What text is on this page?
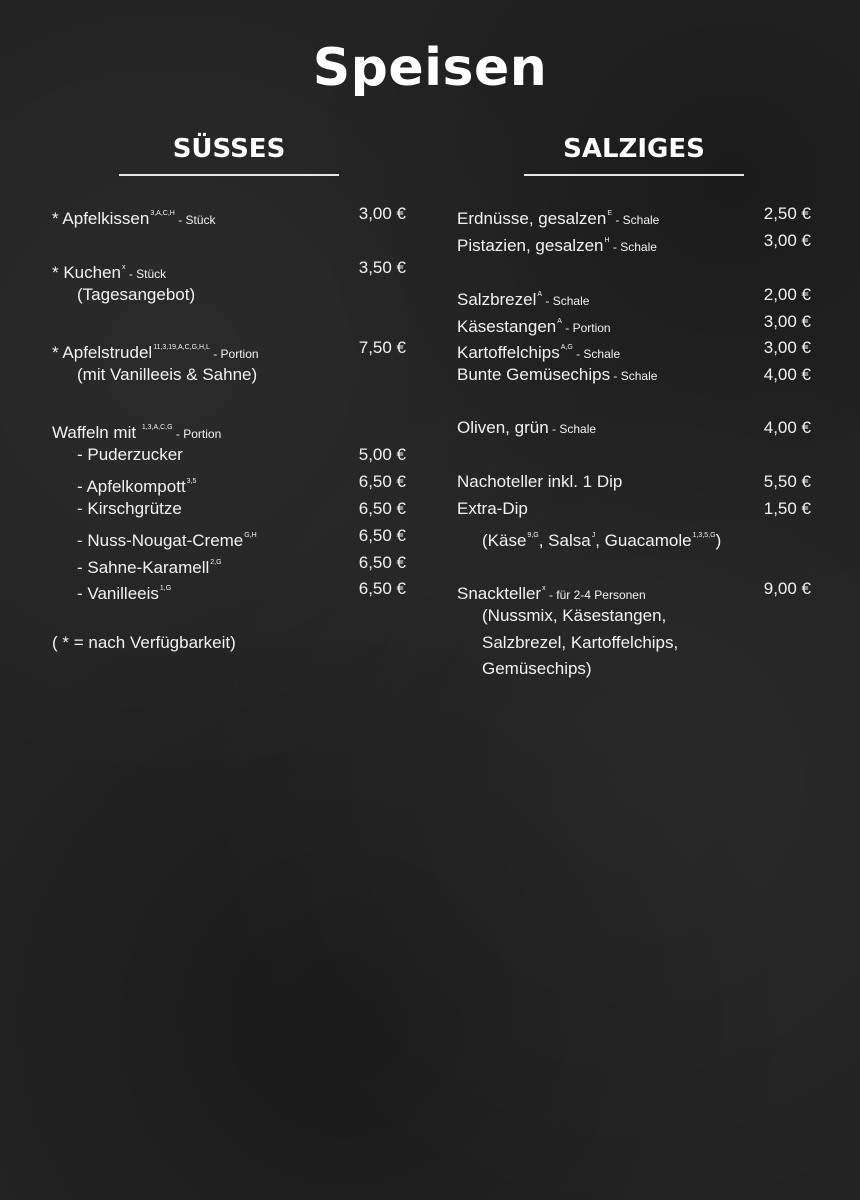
Speisen
SÜSSES	SALZIGES
* Apfelkissen$^{3,A,C,H}$ - Stück	3,00 €
* Kuchen$^x$ - Stück	3,50 €
(Tagesangebot)
* Apfelstrudel$^{11,3,19,A,C,G,H,L}$ - Portion	7,50 €
(mit Vanilleeis & Sahne)
Waffeln mit $^{1,3,A,C,G}$ - Portion
- Puderzucker	5,00 €
- Apfelkompott$^{3,5}$	6,50 €
- Kirschgrütze	6,50 €
- Nuss-Nougat-Creme$^{G,H}$	6,50 €
- Sahne-Karamell$^{2,G}$	6,50 €
- Vanilleeis$^{1,G}$	6,50 €
( * = nach Verfügbarkeit)
Erdnüsse, gesalzen$^E$ - Schale	2,50 €
Pistazien, gesalzen$^H$ - Schale	3,00 €
Salzbrezel$^A$ - Schale	2,00 €
Käsestangen$^A$ - Portion	3,00 €
Kartoffelchips$^{A,G}$ - Schale	3,00 €
Bunte Gemüsechips - Schale	4,00 €
Oliven, grün - Schale	4,00 €
Nachoteller inkl. 1 Dip	5,50 €
Extra-Dip	1,50 €
(Käse$^{9,G}$, Salsa$^J$, Guacamole$^{1,3,5,G}$)
Snackteller$^x$ - für 2-4 Personen	9,00 €
(Nussmix, Käsestangen,
Salzbrezel, Kartoffelchips,
Gemüsechips)
